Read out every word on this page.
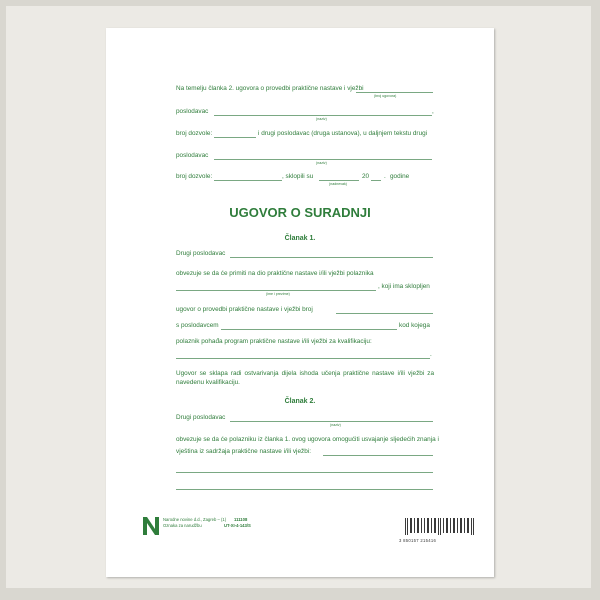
Na temelju članka 2. ugovora o provedbi praktične nastave i vježbi
(broj ugovora)
poslodavac	,
(naziv)
broj dozvole:	i drugi poslodavac (druga ustanova), u daljnjem tekstu drugi
poslodavac
(naziv)
broj dozvole:	, sklopili su	20 . godine
(nadnevak)
UGOVOR O SURADNJI
Članak 1.
Drugi poslodavac
obvezuje se da će primiti na dio praktične nastave i/ili vježbi polaznika
, koji ima sklopljen
(ime i prezime)
ugovor o provedbi praktične nastave i vježbi broj
s poslodavcem	kod kojega
polaznik pohađa program praktične nastave i/ili vježbi za kvalifikaciju:
.
Ugovor se sklapa radi ostvarivanja dijela ishoda učenja praktične nastave i/ili vježbi za navedenu kvalifikaciju.
Članak 2.
Drugi poslodavac
(naziv)
obvezuje se da će polazniku iz članka 1. ovog ugovora omogućiti usvajanje sljedećih znanja i
vještina iz sadržaja praktične nastave i/ili vježbi:
Narodne novine d.d., Zagreb – (1)
Oznaka za narudžbu
111108
UT-XI-4-143/S
3 850157 215416
